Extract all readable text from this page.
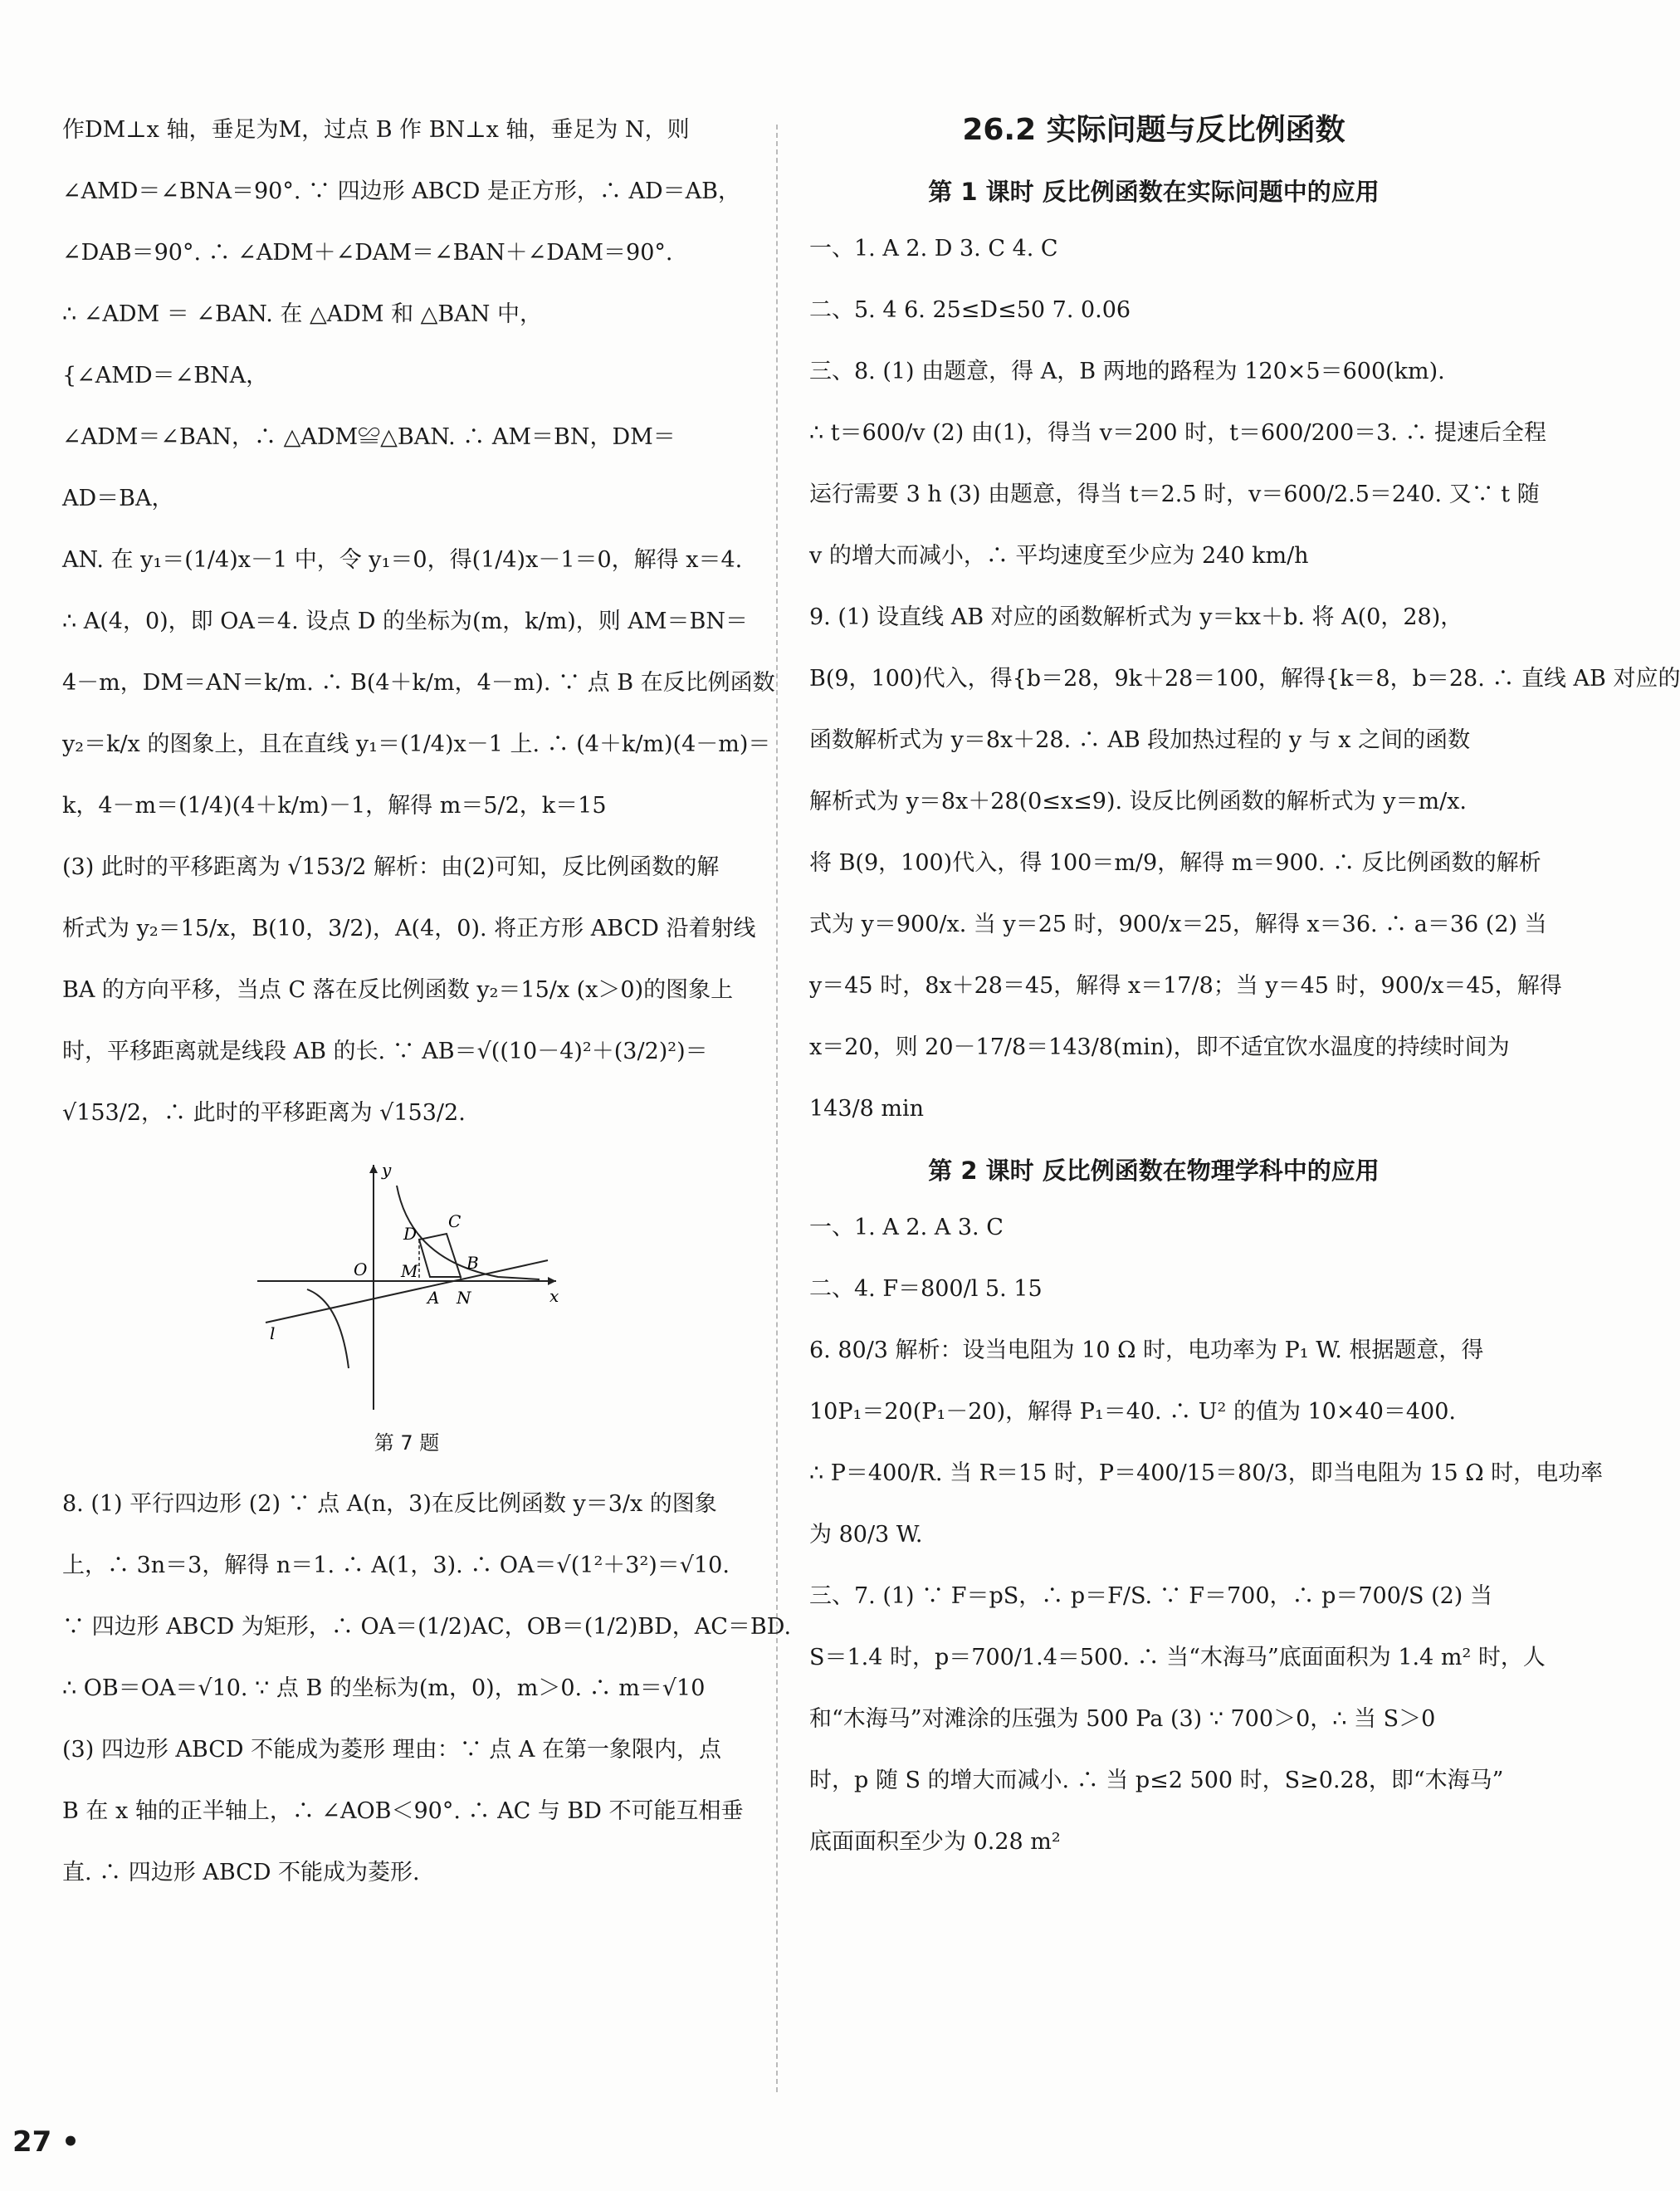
作DM⊥x 轴，垂足为M，过点 B 作 BN⊥x 轴，垂足为 N，则
∠AMD＝∠BNA＝90°. ∵ 四边形 ABCD 是正方形，∴ AD＝AB，
∠DAB＝90°. ∴ ∠ADM＋∠DAM＝∠BAN＋∠DAM＝90°.
∴ ∠ADM ＝ ∠BAN. 在 △ADM 和 △BAN 中，
{∠AMD＝∠BNA，
∠ADM＝∠BAN，∴ △ADM≌△BAN. ∴ AM＝BN，DM＝
AD＝BA，
AN. 在 y₁＝(1/4)x－1 中，令 y₁＝0，得(1/4)x－1＝0，解得 x＝4.
∴ A(4，0)，即 OA＝4. 设点 D 的坐标为(m，k/m)，则 AM＝BN＝
4－m，DM＝AN＝k/m. ∴ B(4＋k/m，4－m). ∵ 点 B 在反比例函数
y₂＝k/x 的图象上，且在直线 y₁＝(1/4)x－1 上. ∴ (4＋k/m)(4－m)＝
k，4－m＝(1/4)(4＋k/m)－1，解得 m＝5/2，k＝15
(3) 此时的平移距离为 √153/2 解析：由(2)可知，反比例函数的解
析式为 y₂＝15/x，B(10，3/2)，A(4，0). 将正方形 ABCD 沿着射线
BA 的方向平移，当点 C 落在反比例函数 y₂＝15/x (x＞0)的图象上
时，平移距离就是线段 AB 的长. ∵ AB＝√((10－4)²＋(3/2)²)＝
√153/2，∴ 此时的平移距离为 √153/2.
y
x
O M
D
C
B
A N
l
第 7 题
8. (1) 平行四边形 (2) ∵ 点 A(n，3)在反比例函数 y＝3/x 的图象
上，∴ 3n＝3，解得 n＝1. ∴ A(1，3). ∴ OA＝√(1²＋3²)＝√10.
∵ 四边形 ABCD 为矩形，∴ OA＝(1/2)AC，OB＝(1/2)BD，AC＝BD.
∴ OB＝OA＝√10. ∵ 点 B 的坐标为(m，0)，m＞0. ∴ m＝√10
(3) 四边形 ABCD 不能成为菱形 理由：∵ 点 A 在第一象限内，点
B 在 x 轴的正半轴上，∴ ∠AOB＜90°. ∴ AC 与 BD 不可能互相垂
直. ∴ 四边形 ABCD 不能成为菱形.
26.2 实际问题与反比例函数
第 1 课时 反比例函数在实际问题中的应用
一、1. A 2. D 3. C 4. C
二、5. 4 6. 25≤D≤50 7. 0.06
三、8. (1) 由题意，得 A，B 两地的路程为 120×5＝600(km).
∴ t＝600/v (2) 由(1)，得当 v＝200 时，t＝600/200＝3. ∴ 提速后全程
运行需要 3 h (3) 由题意，得当 t＝2.5 时，v＝600/2.5＝240. 又∵ t 随
v 的增大而减小，∴ 平均速度至少应为 240 km/h
9. (1) 设直线 AB 对应的函数解析式为 y＝kx＋b. 将 A(0，28)，
B(9，100)代入，得{b＝28，9k＋28＝100，解得{k＝8，b＝28. ∴ 直线 AB 对应的
函数解析式为 y＝8x＋28. ∴ AB 段加热过程的 y 与 x 之间的函数
解析式为 y＝8x＋28(0≤x≤9). 设反比例函数的解析式为 y＝m/x.
将 B(9，100)代入，得 100＝m/9，解得 m＝900. ∴ 反比例函数的解析
式为 y＝900/x. 当 y＝25 时，900/x＝25，解得 x＝36. ∴ a＝36 (2) 当
y＝45 时，8x＋28＝45，解得 x＝17/8；当 y＝45 时，900/x＝45，解得
x＝20，则 20－17/8＝143/8(min)，即不适宜饮水温度的持续时间为
143/8 min
第 2 课时 反比例函数在物理学科中的应用
一、1. A 2. A 3. C
二、4. F＝800/l 5. 15
6. 80/3 解析：设当电阻为 10 Ω 时，电功率为 P₁ W. 根据题意，得
10P₁＝20(P₁－20)，解得 P₁＝40. ∴ U² 的值为 10×40＝400.
∴ P＝400/R. 当 R＝15 时，P＝400/15＝80/3，即当电阻为 15 Ω 时，电功率
为 80/3 W.
三、7. (1) ∵ F＝pS，∴ p＝F/S. ∵ F＝700，∴ p＝700/S (2) 当
S＝1.4 时，p＝700/1.4＝500. ∴ 当“木海马”底面面积为 1.4 m² 时，人
和“木海马”对滩涂的压强为 500 Pa (3) ∵ 700＞0，∴ 当 S＞0
时，p 随 S 的增大而减小. ∴ 当 p≤2 500 时，S≥0.28，即“木海马”
底面面积至少为 0.28 m²
27 •
